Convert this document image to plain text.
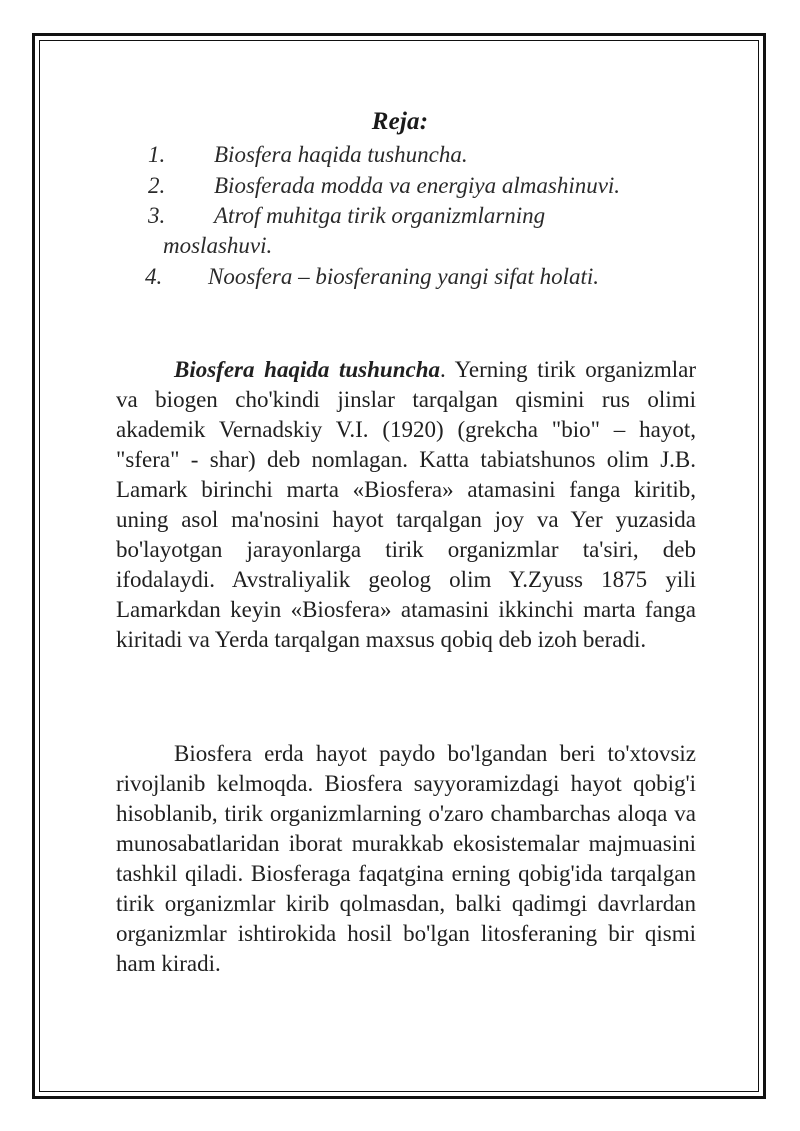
Reja:
1. Biosfera haqida tushuncha.
2. Biosferada modda va energiya almashinuvi.
3. Atrof muhitga tirik organizmlarning
moslashuvi.
4. Noosfera – biosferaning yangi sifat holati.
Biosfera haqida tushuncha. Yerning tirik organizmlar va biogen cho'kindi jinslar tarqalgan qismini rus olimi akademik Vernadskiy V.I. (1920) (grekcha "bio" – hayot, "sfera" - shar) deb nomlagan. Katta tabiatshunos olim J.B. Lamark birinchi marta «Biosfera» atamasini fanga kiritib, uning asol ma'nosini hayot tarqalgan joy va Yer yuzasida bo'layotgan jarayonlarga tirik organizmlar ta'siri, deb ifodalaydi. Avstraliyalik geolog olim Y.Zyuss 1875 yili Lamarkdan keyin «Biosfera» atamasini ikkinchi marta fanga kiritadi va Yerda tarqalgan maxsus qobiq deb izoh beradi.
Biosfera erda hayot paydo bo'lgandan beri to'xtovsiz rivojlanib kelmoqda. Biosfera sayyoramizdagi hayot qobig'i hisoblanib, tirik organizmlarning o'zaro chambarchas aloqa va munosabatlaridan iborat murakkab ekosistemalar majmuasini tashkil qiladi. Biosferaga faqatgina erning qobig'ida tarqalgan tirik organizmlar kirib qolmasdan, balki qadimgi davrlardan organizmlar ishtirokida hosil bo'lgan litosferaning bir qismi ham kiradi.
